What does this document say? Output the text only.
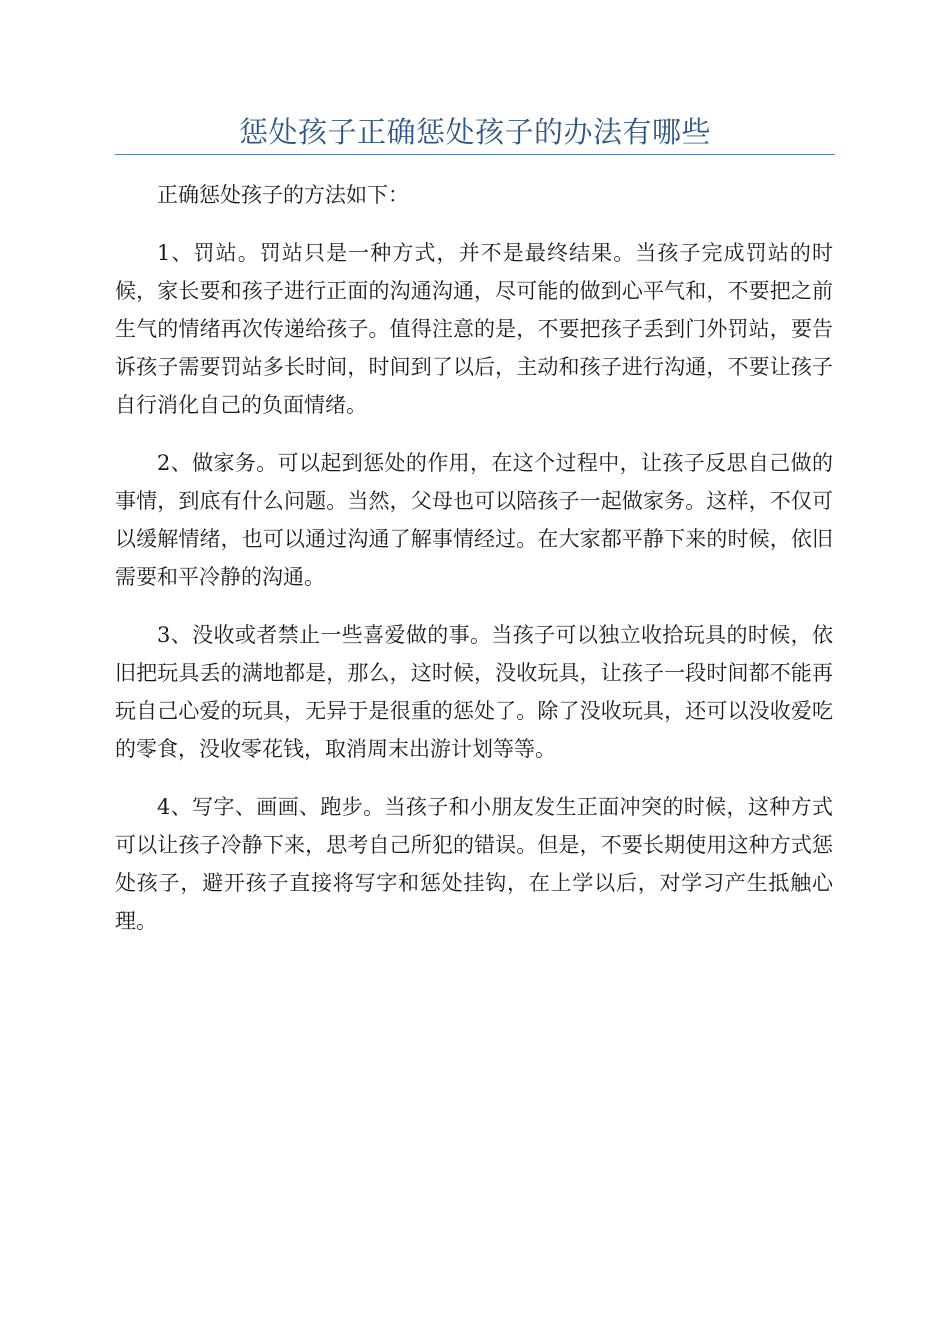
惩处孩子正确惩处孩子的办法有哪些

正确惩处孩子的方法如下：

1、罚站。罚站只是一种方式，并不是最终结果。当孩子完成罚站的时候，家长要和孩子进行正面的沟通沟通，尽可能的做到心平气和，不要把之前生气的情绪再次传递给孩子。值得注意的是，不要把孩子丢到门外罚站，要告诉孩子需要罚站多长时间，时间到了以后，主动和孩子进行沟通，不要让孩子自行消化自己的负面情绪。

2、做家务。可以起到惩处的作用，在这个过程中，让孩子反思自己做的事情，到底有什么问题。当然，父母也可以陪孩子一起做家务。这样，不仅可以缓解情绪，也可以通过沟通了解事情经过。在大家都平静下来的时候，依旧需要和平冷静的沟通。

3、没收或者禁止一些喜爱做的事。当孩子可以独立收拾玩具的时候，依旧把玩具丢的满地都是，那么，这时候，没收玩具，让孩子一段时间都不能再玩自己心爱的玩具，无异于是很重的惩处了。除了没收玩具，还可以没收爱吃的零食，没收零花钱，取消周末出游计划等等。

4、写字、画画、跑步。当孩子和小朋友发生正面冲突的时候，这种方式可以让孩子冷静下来，思考自己所犯的错误。但是，不要长期使用这种方式惩处孩子，避开孩子直接将写字和惩处挂钩，在上学以后，对学习产生抵触心理。
